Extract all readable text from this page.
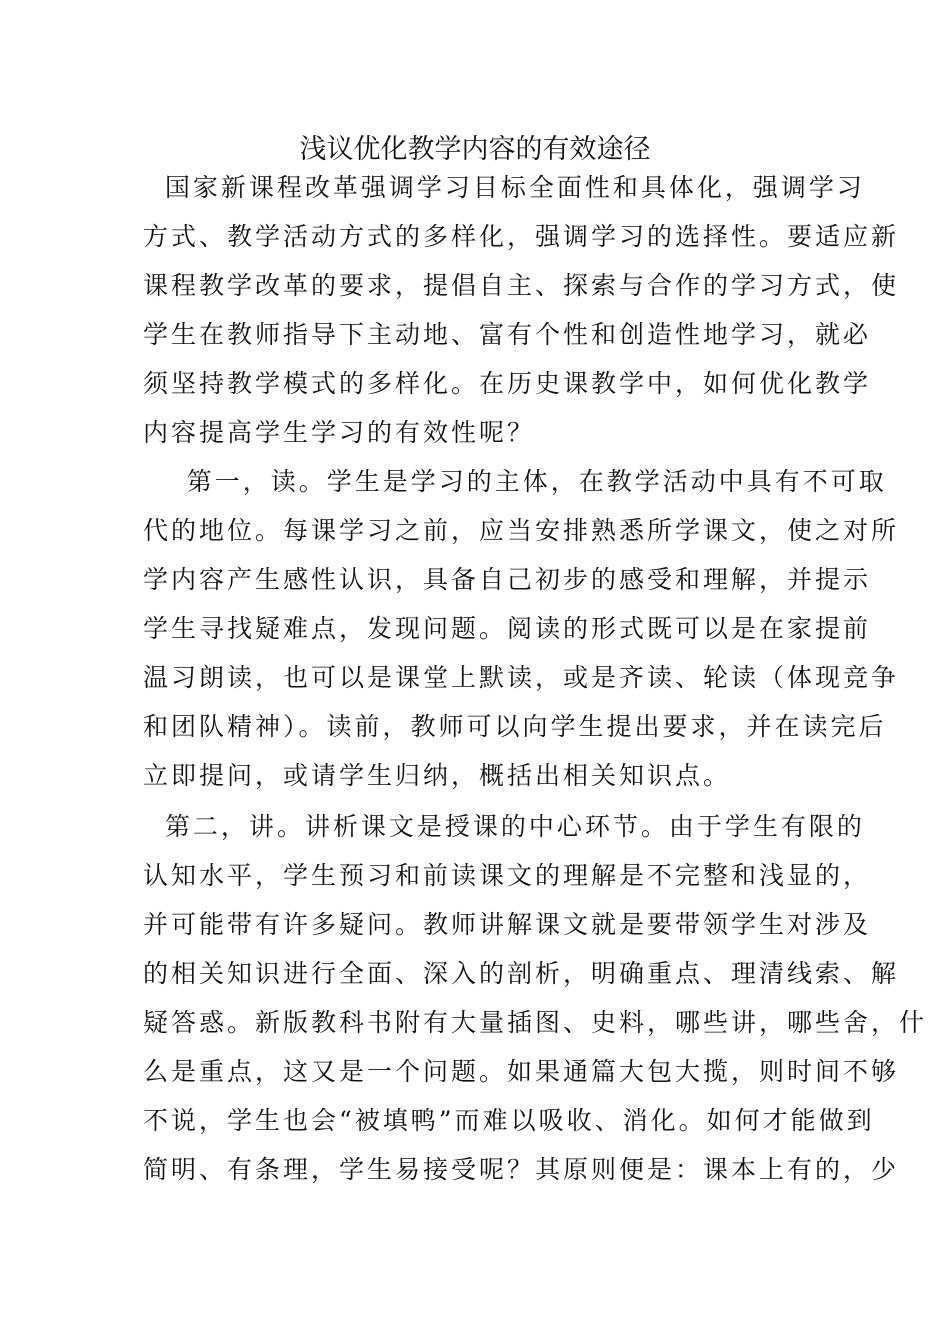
浅议优化教学内容的有效途径
国家新课程改革强调学习目标全面性和具体化，强调学习
方式、教学活动方式的多样化，强调学习的选择性。要适应新
课程教学改革的要求，提倡自主、探索与合作的学习方式，使
学生在教师指导下主动地、富有个性和创造性地学习，就必
须坚持教学模式的多样化。在历史课教学中，如何优化教学
内容提高学生学习的有效性呢？
第一，读。学生是学习的主体，在教学活动中具有不可取
代的地位。每课学习之前，应当安排熟悉所学课文，使之对所
学内容产生感性认识，具备自己初步的感受和理解，并提示
学生寻找疑难点，发现问题。阅读的形式既可以是在家提前
温习朗读，也可以是课堂上默读，或是齐读、轮读（体现竞争
和团队精神）。读前，教师可以向学生提出要求，并在读完后
立即提问，或请学生归纳，概括出相关知识点。
第二，讲。讲析课文是授课的中心环节。由于学生有限的
认知水平，学生预习和前读课文的理解是不完整和浅显的，
并可能带有许多疑问。教师讲解课文就是要带领学生对涉及
的相关知识进行全面、深入的剖析，明确重点、理清线索、解
疑答惑。新版教科书附有大量插图、史料，哪些讲，哪些舍，什
么是重点，这又是一个问题。如果通篇大包大揽，则时间不够
不说，学生也会“被填鸭”而难以吸收、消化。如何才能做到
简明、有条理，学生易接受呢？其原则便是：课本上有的，少
